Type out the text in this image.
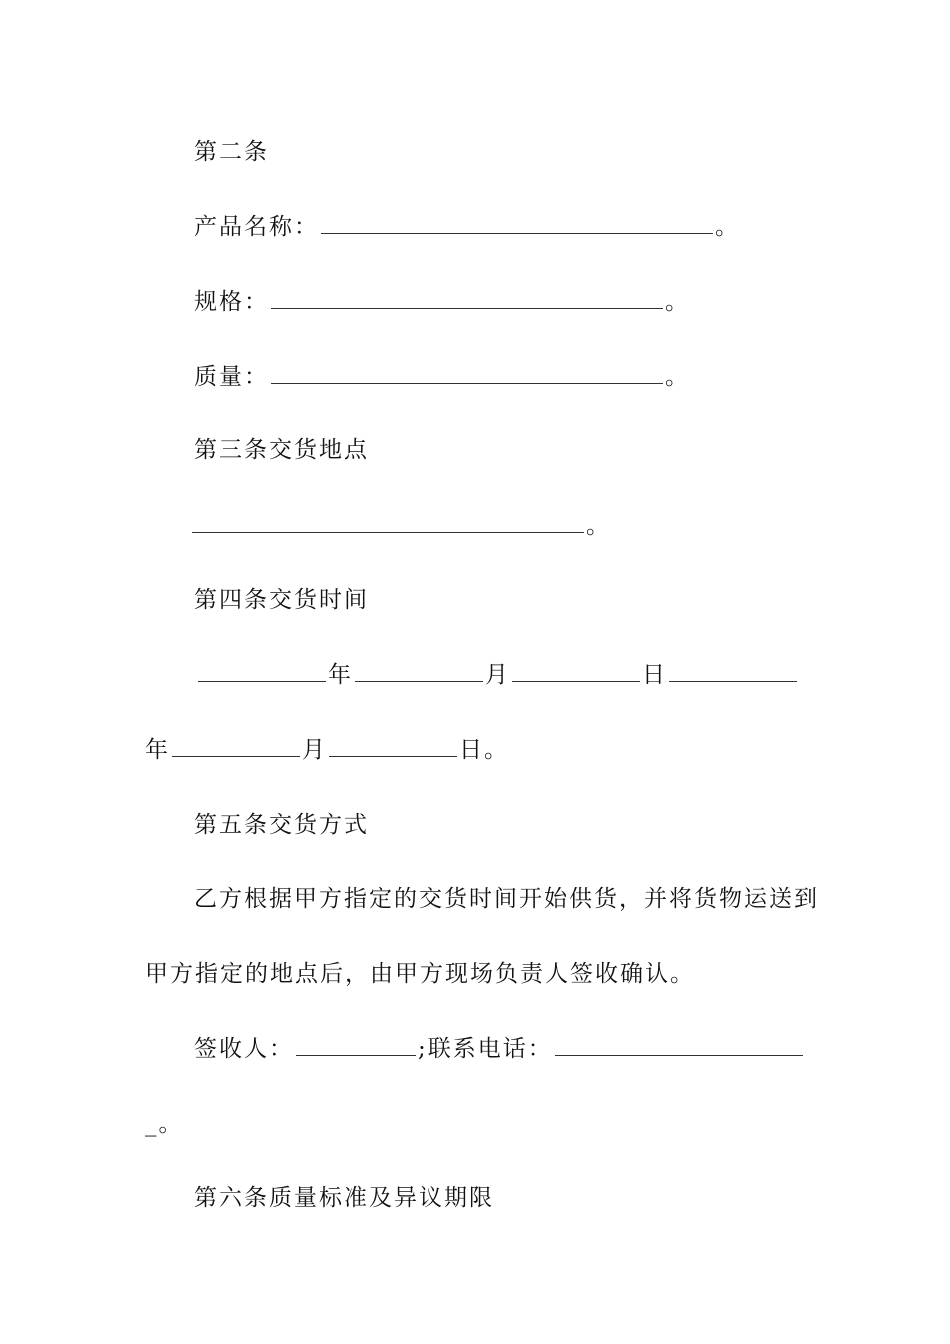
第二条
产品名称：	。
规格：	。
质量：	。
第三条交货地点
。
第四条交货时间
年	月	日
年	月	日。
第五条交货方式
乙方根据甲方指定的交货时间开始供货，并将货物运送到
甲方指定的地点后，由甲方现场负责人签收确认。
签收人：	;联系电话：
_。
第六条质量标准及异议期限
